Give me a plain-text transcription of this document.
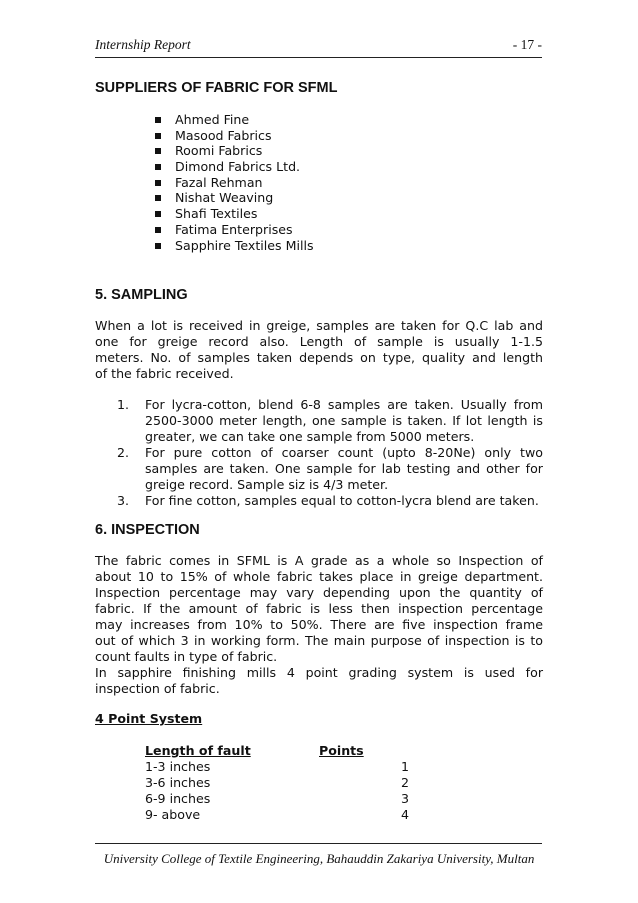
Internship Report	- 17 -
SUPPLIERS OF FABRIC FOR SFML
Ahmed Fine
Masood Fabrics
Roomi Fabrics
Dimond Fabrics Ltd.
Fazal Rehman
Nishat Weaving
Shafi Textiles
Fatima Enterprises
Sapphire Textiles Mills
5. SAMPLING
When a lot is received in greige, samples are taken for Q.C lab and
one for greige record also. Length of sample is usually 1-1.5
meters. No. of samples taken depends on type, quality and length
of the fabric received.
1. For lycra-cotton, blend 6-8 samples are taken. Usually from
2500-3000 meter length, one sample is taken. If lot length is
greater, we can take one sample from 5000 meters.
2. For pure cotton of coarser count (upto 8-20Ne) only two
samples are taken. One sample for lab testing and other for
greige record. Sample siz is 4/3 meter.
3. For fine cotton, samples equal to cotton-lycra blend are taken.
6. INSPECTION
The fabric comes in SFML is A grade as a whole so Inspection of
about 10 to 15% of whole fabric takes place in greige department.
Inspection percentage may vary depending upon the quantity of
fabric. If the amount of fabric is less then inspection percentage
may increases from 10% to 50%. There are five inspection frame
out of which 3 in working form. The main purpose of inspection is to
count faults in type of fabric.
In sapphire finishing mills 4 point grading system is used for
inspection of fabric.
4 Point System
Length of fault	Points
1-3 inches	1
3-6 inches	2
6-9 inches	3
9- above	4
University College of Textile Engineering, Bahauddin Zakariya University, Multan
